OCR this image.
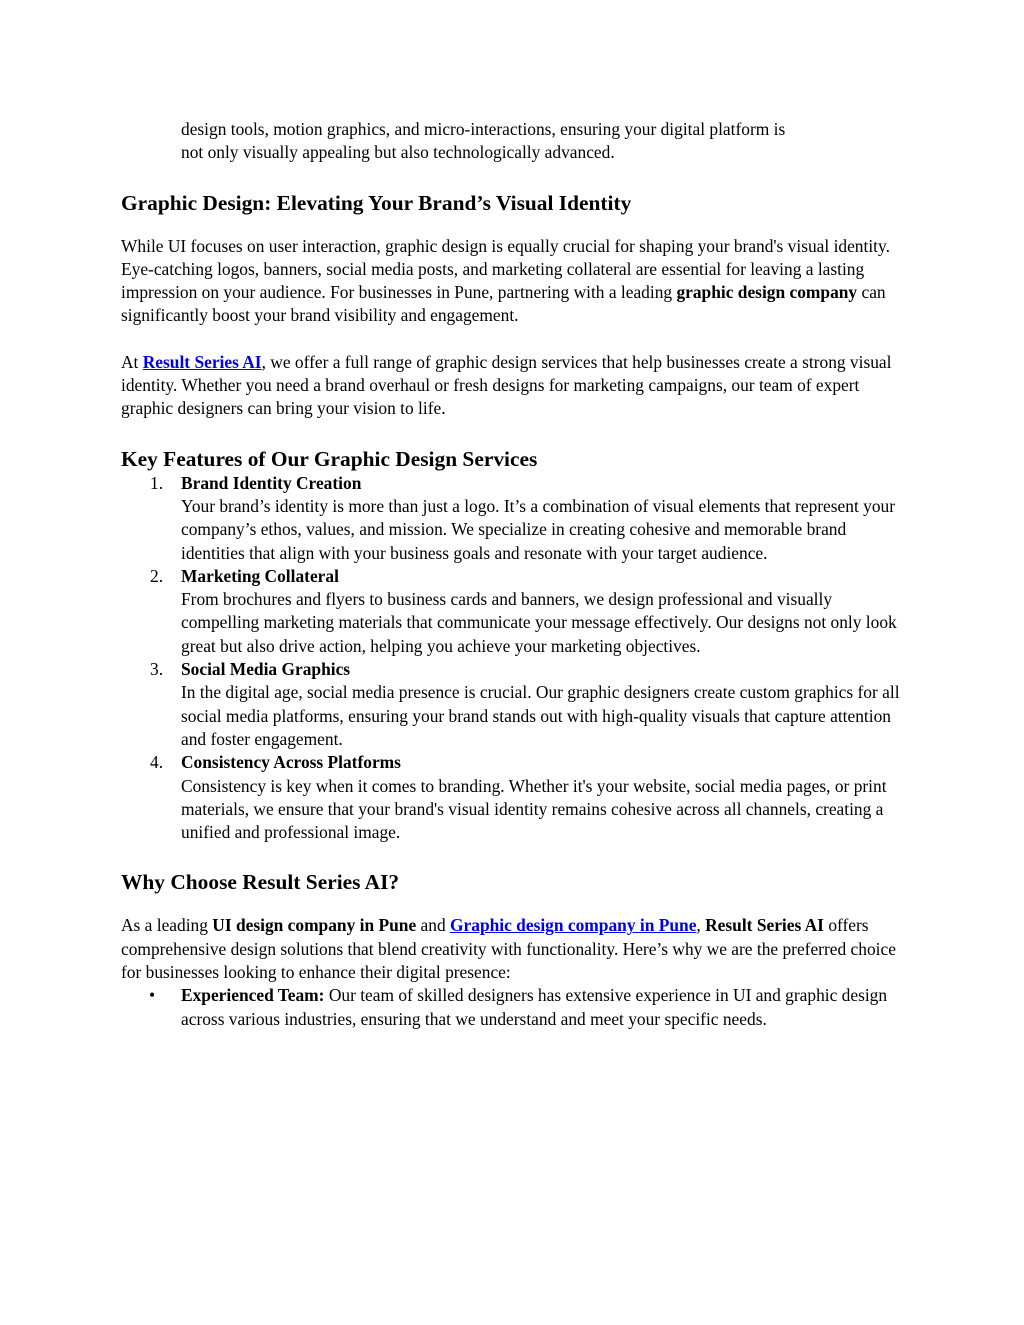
design tools, motion graphics, and micro-interactions, ensuring your digital platform is
not only visually appealing but also technologically advanced.

Graphic Design: Elevating Your Brand’s Visual Identity

While UI focuses on user interaction, graphic design is equally crucial for shaping your brand's visual identity. Eye-catching logos, banners, social media posts, and marketing collateral are essential for leaving a lasting impression on your audience. For businesses in Pune, partnering with a leading graphic design company can significantly boost your brand visibility and engagement.

At Result Series AI, we offer a full range of graphic design services that help businesses create a strong visual identity. Whether you need a brand overhaul or fresh designs for marketing campaigns, our team of expert graphic designers can bring your vision to life.

Key Features of Our Graphic Design Services
1. Brand Identity Creation
Your brand’s identity is more than just a logo. It’s a combination of visual elements that represent your company’s ethos, values, and mission. We specialize in creating cohesive and memorable brand identities that align with your business goals and resonate with your target audience.
2. Marketing Collateral
From brochures and flyers to business cards and banners, we design professional and visually compelling marketing materials that communicate your message effectively. Our designs not only look great but also drive action, helping you achieve your marketing objectives.
3. Social Media Graphics
In the digital age, social media presence is crucial. Our graphic designers create custom graphics for all social media platforms, ensuring your brand stands out with high-quality visuals that capture attention and foster engagement.
4. Consistency Across Platforms
Consistency is key when it comes to branding. Whether it's your website, social media pages, or print materials, we ensure that your brand's visual identity remains cohesive across all channels, creating a unified and professional image.
Why Choose Result Series AI?

As a leading UI design company in Pune and Graphic design company in Pune, Result Series AI offers comprehensive design solutions that blend creativity with functionality. Here’s why we are the preferred choice for businesses looking to enhance their digital presence:

• Experienced Team: Our team of skilled designers has extensive experience in UI and graphic design across various industries, ensuring that we understand and meet your specific needs.
